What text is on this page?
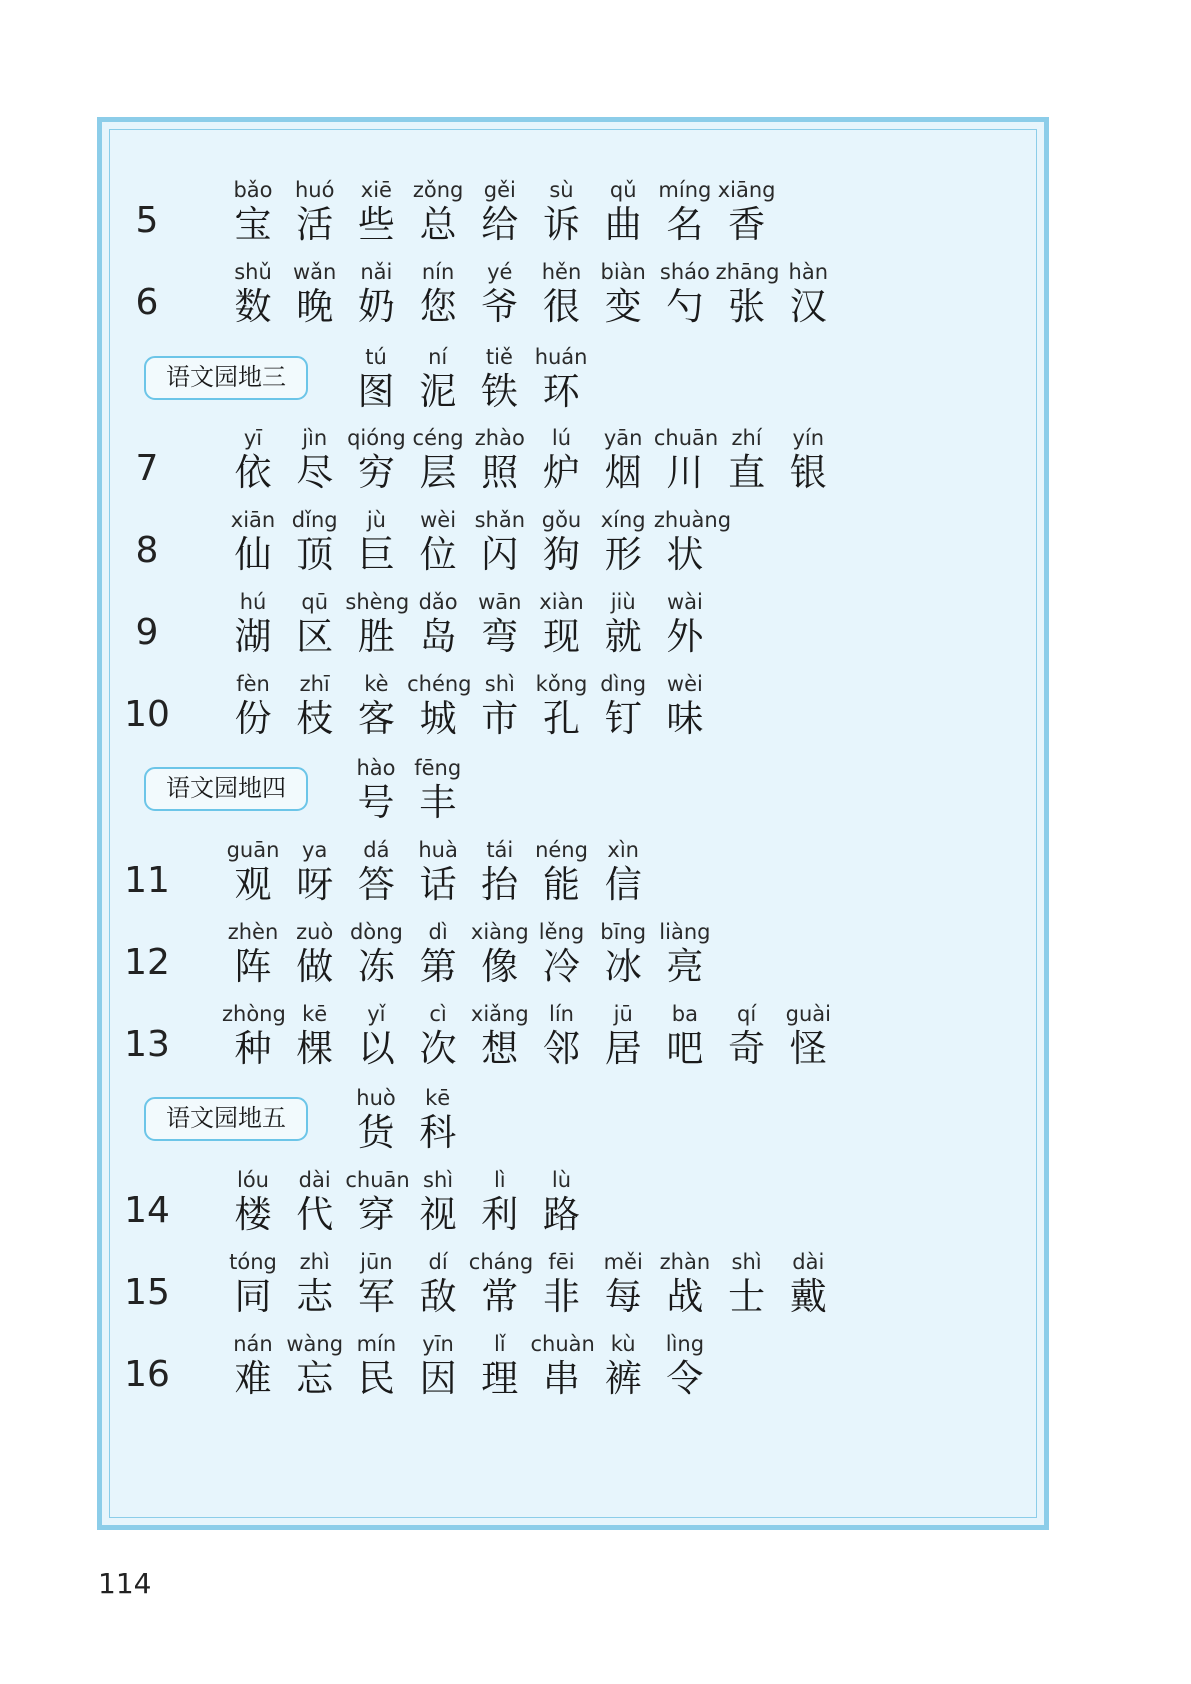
5
bǎo
宝
huó
活
xiē
些
zǒng
总
gěi
给
sù
诉
qǔ
曲
míng
名
xiāng
香
6
shǔ
数
wǎn
晚
nǎi
奶
nín
您
yé
爷
hěn
很
biàn
变
sháo
勺
zhāng
张
hàn
汉
语文园地三
tú
图
ní
泥
tiě
铁
huán
环
7
yī
依
jìn
尽
qióng
穷
céng
层
zhào
照
lú
炉
yān
烟
chuān
川
zhí
直
yín
银
8
xiān
仙
dǐng
顶
jù
巨
wèi
位
shǎn
闪
gǒu
狗
xíng
形
zhuàng
状
9
hú
湖
qū
区
shèng
胜
dǎo
岛
wān
弯
xiàn
现
jiù
就
wài
外
10
fèn
份
zhī
枝
kè
客
chéng
城
shì
市
kǒng
孔
dìng
钉
wèi
味
语文园地四
hào
号
fēng
丰
11
guān
观
ya
呀
dá
答
huà
话
tái
抬
néng
能
xìn
信
12
zhèn
阵
zuò
做
dòng
冻
dì
第
xiàng
像
lěng
冷
bīng
冰
liàng
亮
13
zhòng
种
kē
棵
yǐ
以
cì
次
xiǎng
想
lín
邻
jū
居
ba
吧
qí
奇
guài
怪
语文园地五
huò
货
kē
科
14
lóu
楼
dài
代
chuān
穿
shì
视
lì
利
lù
路
15
tóng
同
zhì
志
jūn
军
dí
敌
cháng
常
fēi
非
měi
每
zhàn
战
shì
士
dài
戴
16
nán
难
wàng
忘
mín
民
yīn
因
lǐ
理
chuàn
串
kù
裤
lìng
令
114
